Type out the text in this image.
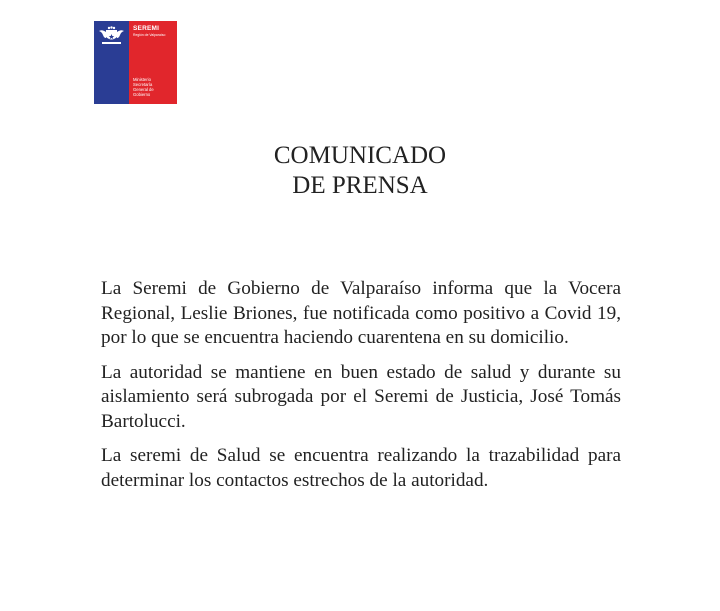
SEREMI
Región de Valparaíso
Ministerio
Secretaría
General de
Gobierno
COMUNICADO
DE PRENSA

La Seremi de Gobierno de Valparaíso informa que la Vocera Regional, Leslie Briones, fue notificada como positivo a Covid 19, por lo que se encuentra haciendo cuarentena en su domicilio.

La autoridad se mantiene en buen estado de salud y durante su aislamiento será subrogada por el Seremi de Justicia, José Tomás Bartolucci.

La seremi de Salud se encuentra realizando la trazabilidad para determinar los contactos estrechos de la autoridad.
